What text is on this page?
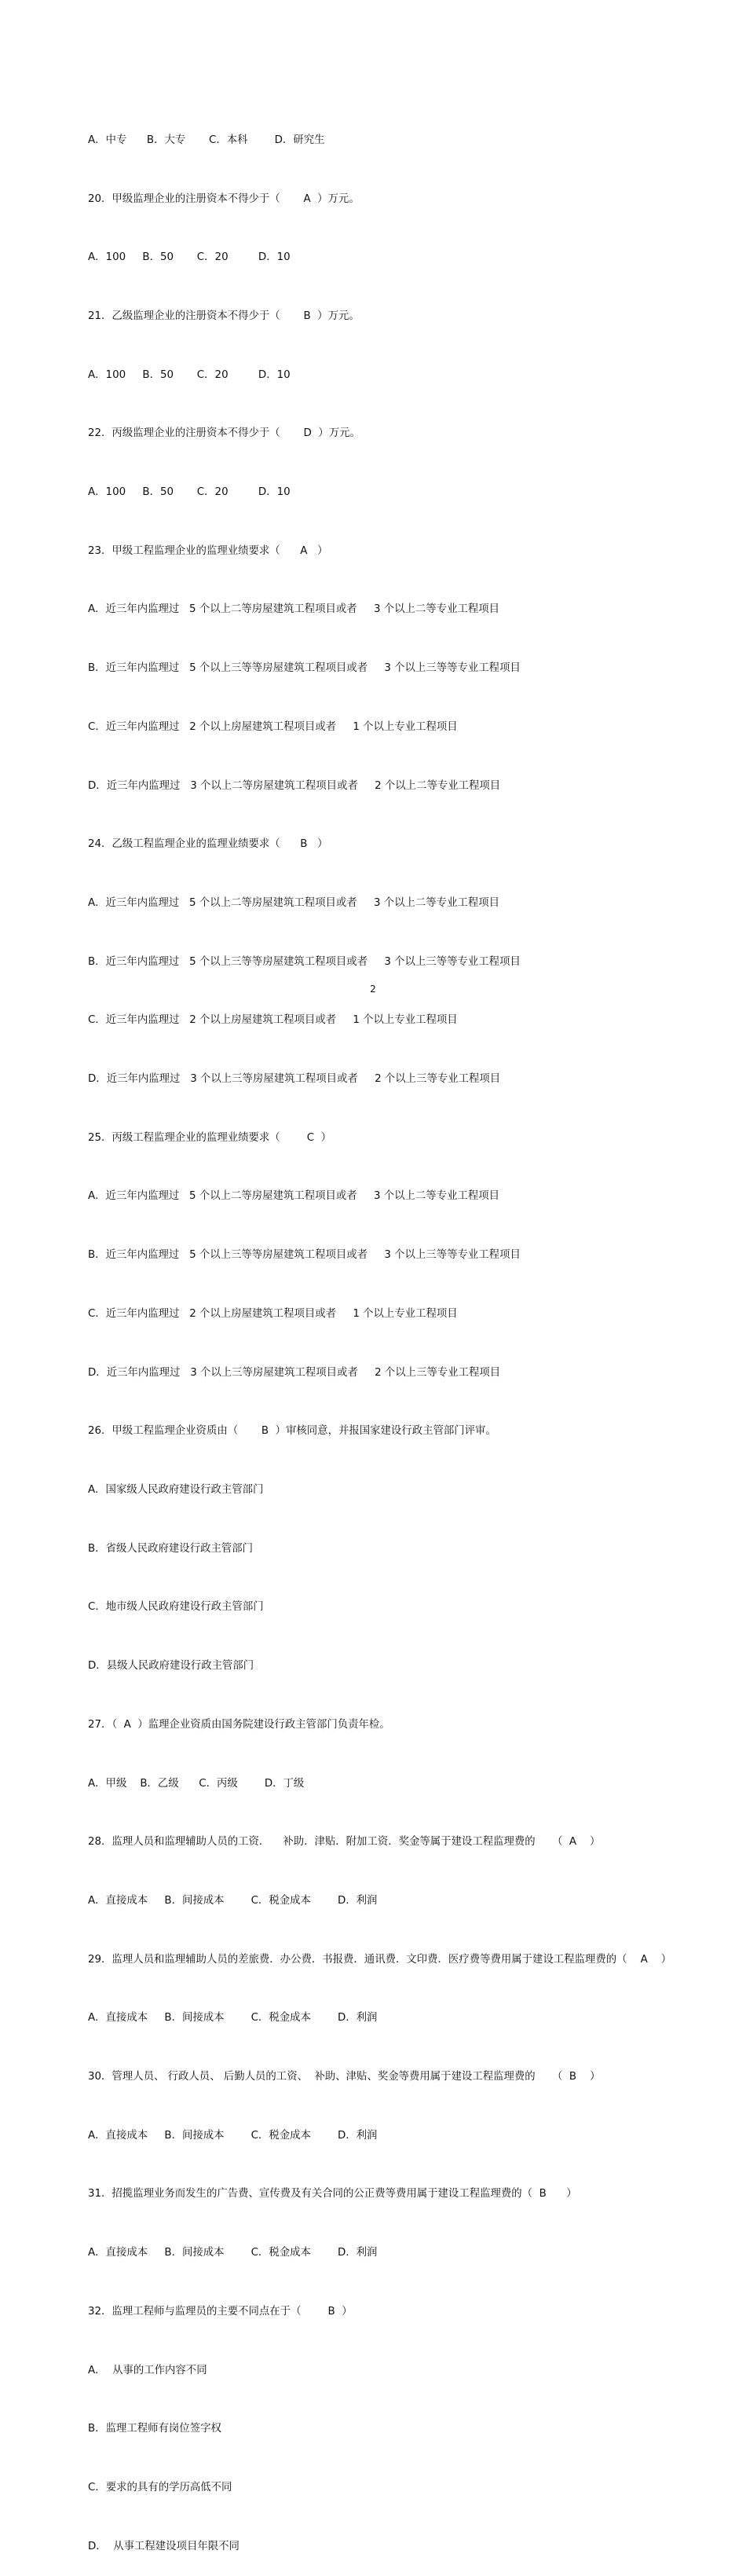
A．中专      B．大专       C．本科        D．研究生

20．甲级监理企业的注册资本不得少于（       A  ）万元。

A．100     B．50       C．20         D．10

21．乙级监理企业的注册资本不得少于（       B  ）万元。

A．100     B．50       C．20         D．10

22．丙级监理企业的注册资本不得少于（       D  ）万元。

A．100     B．50       C．20         D．10

23．甲级工程监理企业的监理业绩要求（      A   ）

A．近三年内监理过   5 个以上二等房屋建筑工程项目或者     3 个以上二等专业工程项目

B．近三年内监理过   5 个以上三等等房屋建筑工程项目或者     3 个以上三等等专业工程项目

C．近三年内监理过   2 个以上房屋建筑工程项目或者     1 个以上专业工程项目

D．近三年内监理过   3 个以上二等房屋建筑工程项目或者     2 个以上二等专业工程项目

24．乙级工程监理企业的监理业绩要求（      B   ）

A．近三年内监理过   5 个以上二等房屋建筑工程项目或者     3 个以上二等专业工程项目

B．近三年内监理过   5 个以上三等等房屋建筑工程项目或者     3 个以上三等等专业工程项目

C．近三年内监理过   2 个以上房屋建筑工程项目或者     1 个以上专业工程项目

D．近三年内监理过   3 个以上三等房屋建筑工程项目或者     2 个以上三等专业工程项目

25．丙级工程监理企业的监理业绩要求（        C  ）

A．近三年内监理过   5 个以上二等房屋建筑工程项目或者     3 个以上二等专业工程项目

B．近三年内监理过   5 个以上三等等房屋建筑工程项目或者     3 个以上三等等专业工程项目

C．近三年内监理过   2 个以上房屋建筑工程项目或者     1 个以上专业工程项目

D．近三年内监理过   3 个以上三等房屋建筑工程项目或者     2 个以上三等专业工程项目

26．甲级工程监理企业资质由（       B  ）审核同意，并报国家建设行政主管部门评审。

A．国家级人民政府建设行政主管部门

B．省级人民政府建设行政主管部门

C．地市级人民政府建设行政主管部门

D．县级人民政府建设行政主管部门

27．（  A  ）监理企业资质由国务院建设行政主管部门负责年检。

A．甲级    B．乙级      C．丙级        D．丁级

28．监理人员和监理辅助人员的工资．    补助．津贴．附加工资．奖金等属于建设工程监理费的     （  A    ）

A．直接成本     B．间接成本        C．税金成本        D．利润

29．监理人员和监理辅助人员的差旅费．办公费．书报费．通讯费．文印费．医疗费等费用属于建设工程监理费的（    A    ）

A．直接成本     B．间接成本        C．税金成本        D．利润

30．管理人员、 行政人员、 后勤人员的工资、  补助、津贴、奖金等费用属于建设工程监理费的     （  B    ）

A．直接成本     B．间接成本        C．税金成本        D．利润

31．招揽监理业务而发生的广告费、宣传费及有关合同的公正费等费用属于建设工程监理费的（  B      ）

A．直接成本     B．间接成本        C．税金成本        D．利润

32．监理工程师与监理员的主要不同点在于（        B  ）

A．  从事的工作内容不同

B．监理工程师有岗位签字权

C．要求的具有的学历高低不同

D．  从事工程建设项目年限不同

2
